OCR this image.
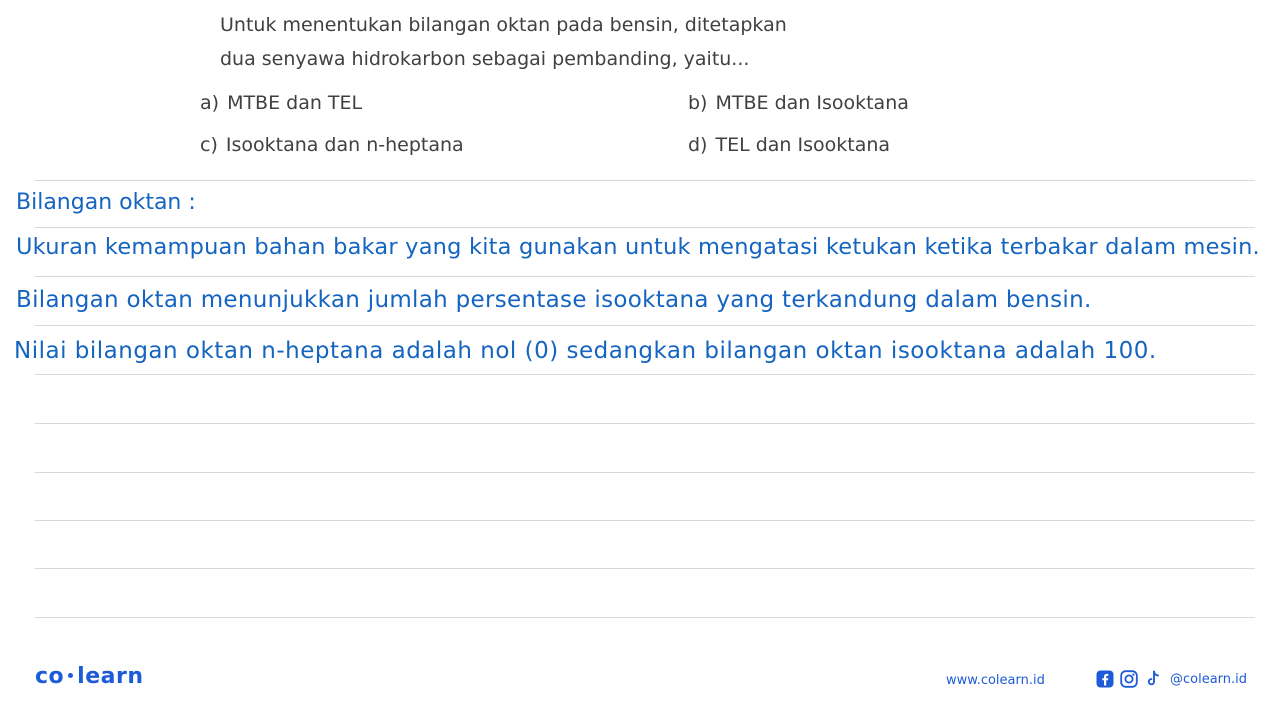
Untuk menentukan bilangan oktan pada bensin, ditetapkan
dua senyawa hidrokarbon sebagai pembanding, yaitu...
a) MTBE dan TEL	b) MTBE dan Isooktana
c) Isooktana dan n-heptana	d) TEL dan Isooktana
Bilangan oktan :
Ukuran kemampuan bahan bakar yang kita gunakan untuk mengatasi ketukan ketika terbakar dalam mesin.
Bilangan oktan menunjukkan jumlah persentase isooktana yang terkandung dalam bensin.
Nilai bilangan oktan n-heptana adalah nol (0) sedangkan bilangan oktan isooktana adalah 100.
co learn	www.colearn.id	@colearn.id
